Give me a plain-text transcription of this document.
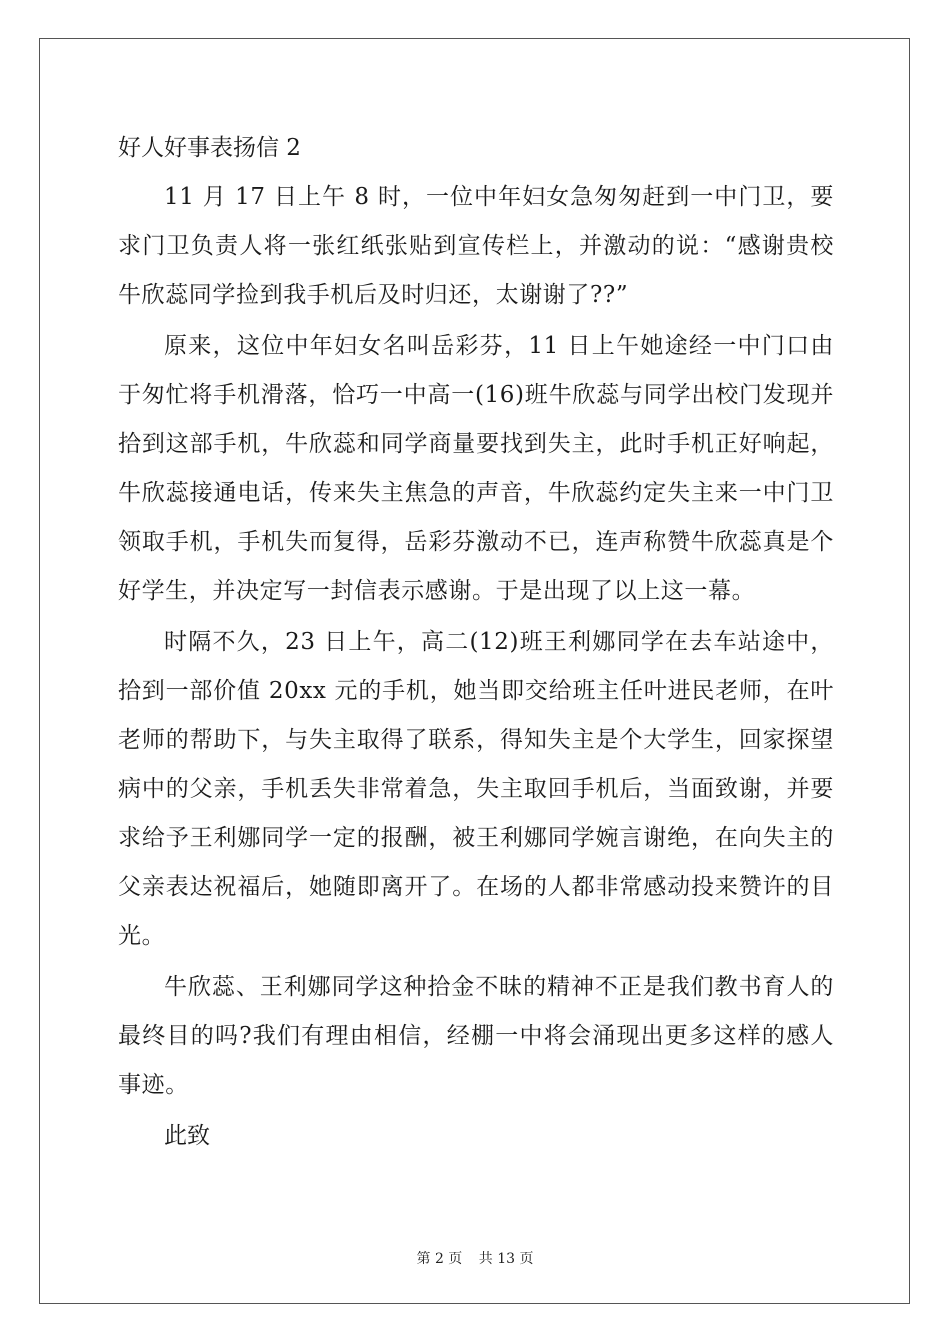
好人好事表扬信 2

11 月 17 日上午 8 时，一位中年妇女急匆匆赶到一中门卫，要求门卫负责人将一张红纸张贴到宣传栏上，并激动的说：“感谢贵校牛欣蕊同学捡到我手机后及时归还，太谢谢了??”

原来，这位中年妇女名叫岳彩芬，11 日上午她途经一中门口由于匆忙将手机滑落，恰巧一中高一(16)班牛欣蕊与同学出校门发现并拾到这部手机，牛欣蕊和同学商量要找到失主，此时手机正好响起，牛欣蕊接通电话，传来失主焦急的声音，牛欣蕊约定失主来一中门卫领取手机，手机失而复得，岳彩芬激动不已，连声称赞牛欣蕊真是个好学生，并决定写一封信表示感谢。于是出现了以上这一幕。

时隔不久，23 日上午，高二(12)班王利娜同学在去车站途中，拾到一部价值 20xx 元的手机，她当即交给班主任叶进民老师，在叶老师的帮助下，与失主取得了联系，得知失主是个大学生，回家探望病中的父亲，手机丢失非常着急，失主取回手机后，当面致谢，并要求给予王利娜同学一定的报酬，被王利娜同学婉言谢绝，在向失主的父亲表达祝福后，她随即离开了。在场的人都非常感动投来赞许的目光。

牛欣蕊、王利娜同学这种拾金不昧的精神不正是我们教书育人的最终目的吗?我们有理由相信，经棚一中将会涌现出更多这样的感人事迹。

此致

第 2 页 共 13 页
